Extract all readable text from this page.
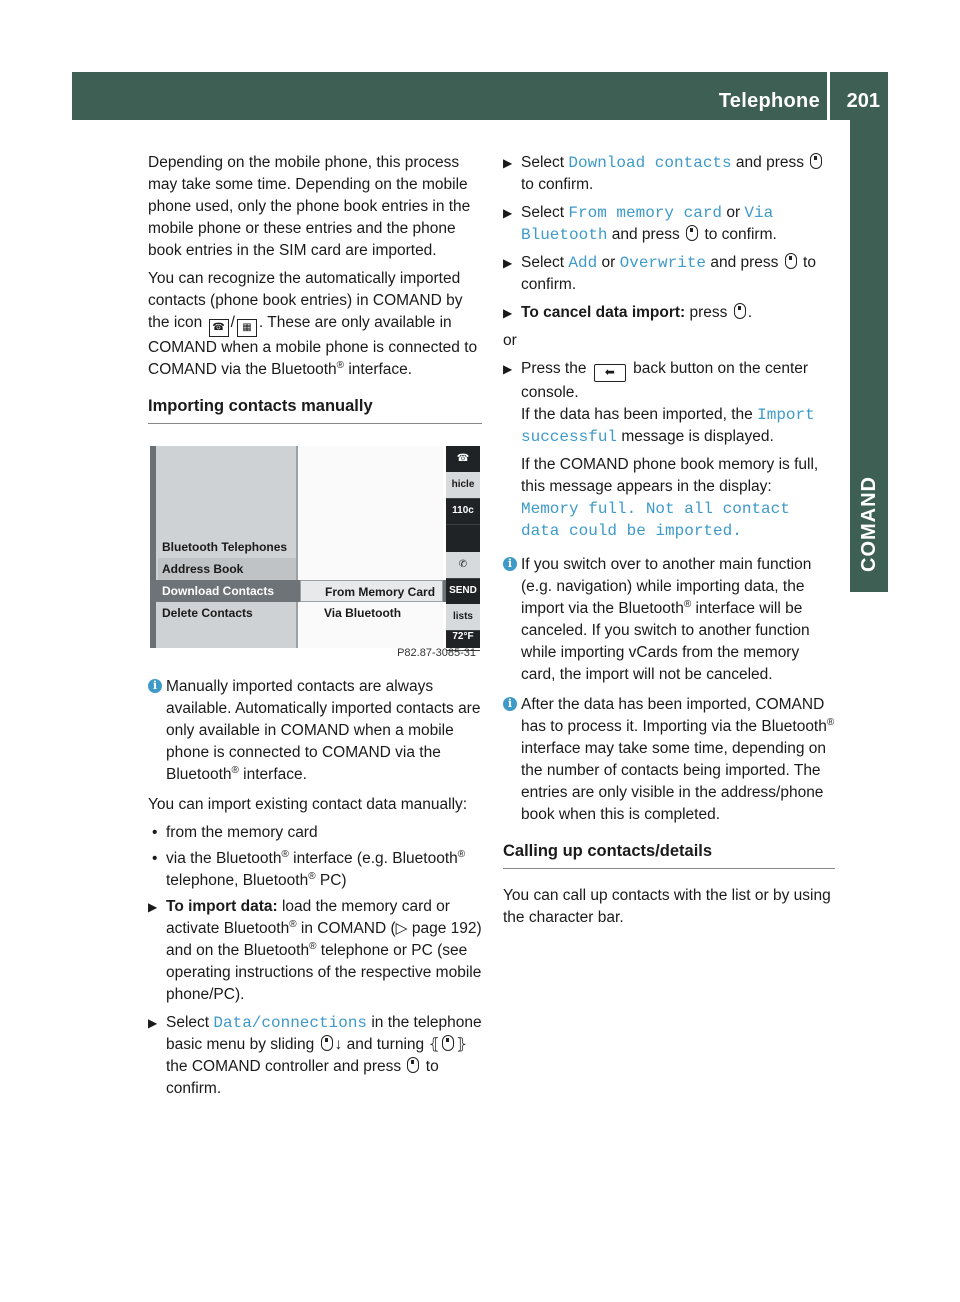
Telephone 201
COMAND

Depending on the mobile phone, this process may take some time. Depending on the mobile phone used, only the phone book entries in the mobile phone or these entries and the phone book entries in the SIM card are imported.

You can recognize the automatically imported contacts (phone book entries) in COMAND by the icon ☎ / ▦ . These are only available in COMAND when a mobile phone is connected to COMAND via the Bluetooth® interface.

Importing contacts manually
Bluetooth Telephones
Address Book
Download Contacts	From Memory Card
Delete Contacts	Via Bluetooth
☎
hicle
110c
✆
SEND
lists
72°F
P82.87-3085-31
i Manually imported contacts are always available. Automatically imported contacts are only available in COMAND when a mobile phone is connected to COMAND via the Bluetooth® interface.

You can import existing contact data manually:

• from the memory card
• via the Bluetooth® interface (e.g. Bluetooth® telephone, Bluetooth® PC)
▶ To import data: load the memory card or activate Bluetooth® in COMAND (▷ page 192) and on the Bluetooth® telephone or PC (see operating instructions of the respective mobile phone/PC).
▶ Select Data/connections in the telephone basic menu by sliding ↓ and turning ⦃ ⦄ the COMAND controller and press to confirm.
▶ Select Download contacts and press  to confirm.
▶ Select From memory card or Via Bluetooth and press to confirm.
▶ Select Add or Overwrite and press to confirm.
▶ To cancel data import: press .

or

▶ Press the ⬅ back button on the center console.
If the data has been imported, the Import successful message is displayed.
If the COMAND phone book memory is full, this message appears in the display:
Memory full. Not all contact data could be imported.
i If you switch over to another main function (e.g. navigation) while importing data, the import via the Bluetooth® interface will be canceled. If you switch to another function while importing vCards from the memory card, the import will not be canceled.
i After the data has been imported, COMAND has to process it. Importing via the Bluetooth® interface may take some time, depending on the number of contacts being imported. The entries are only visible in the address/phone book when this is completed.
Calling up contacts/details

You can call up contacts with the list or by using the character bar.
